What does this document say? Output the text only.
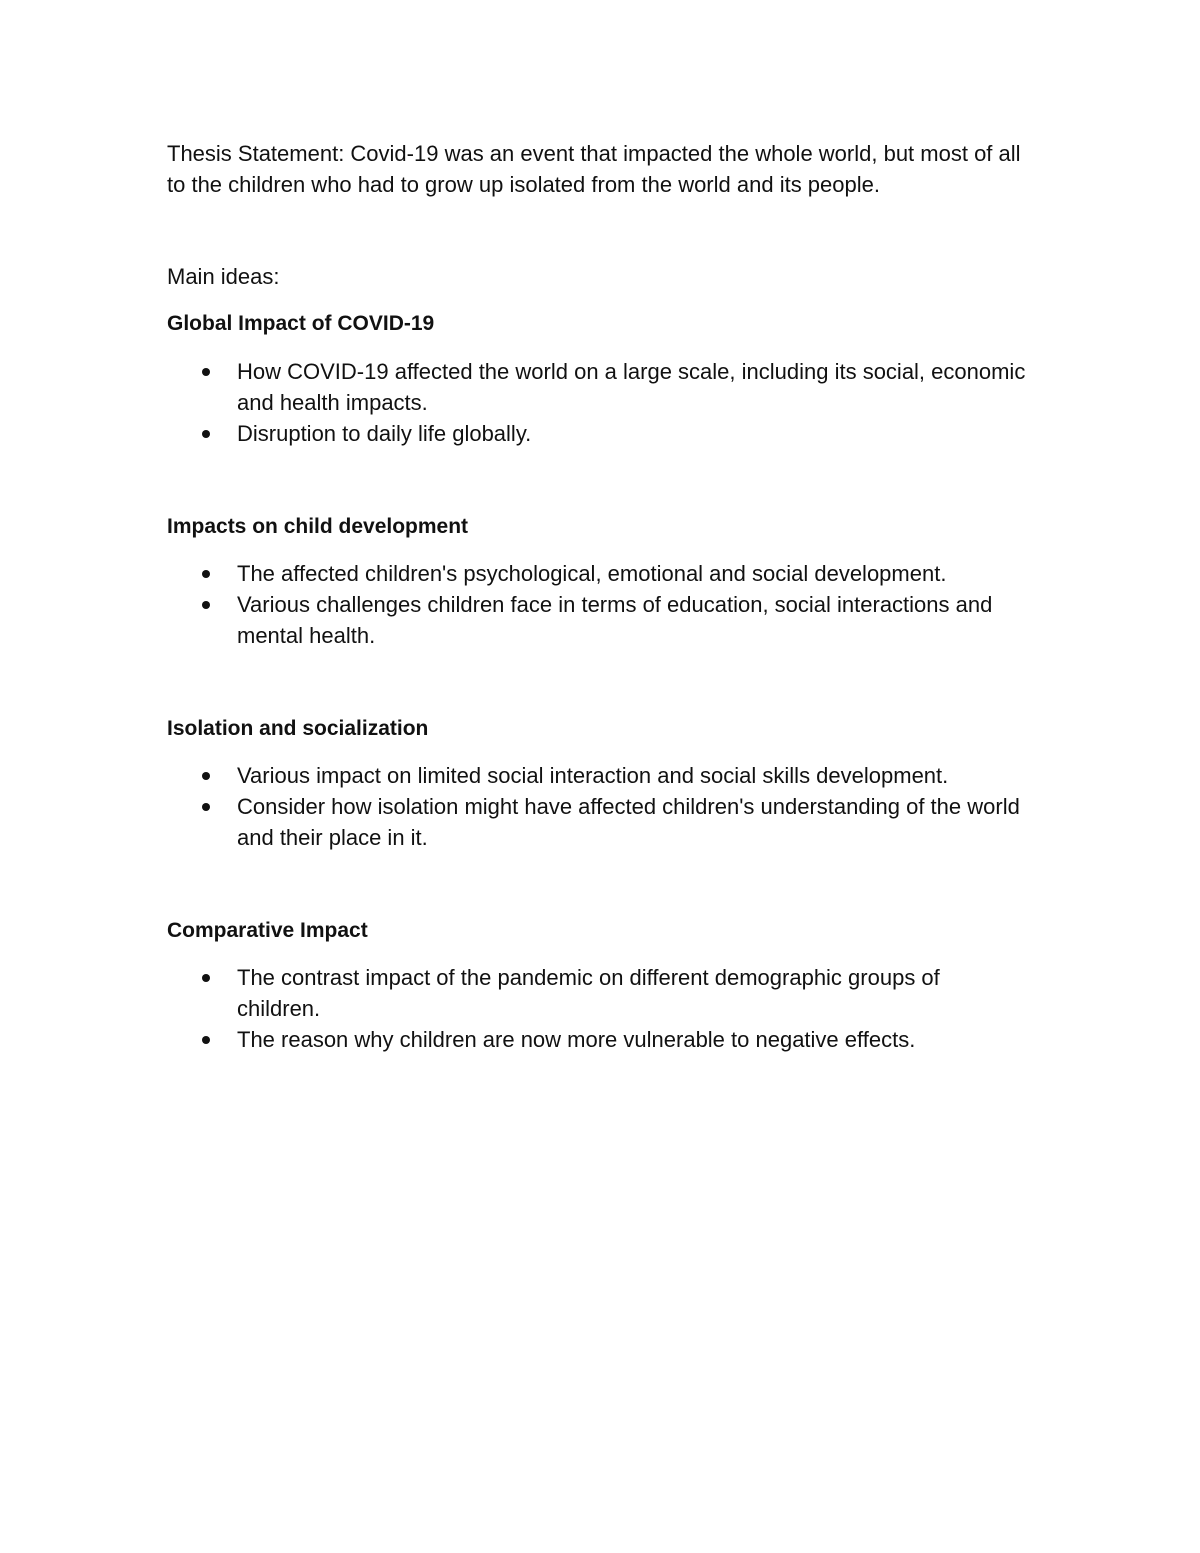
Thesis Statement: Covid-19 was an event that impacted the whole world, but most of all to the children who had to grow up isolated from the world and its people.

Main ideas:

Global Impact of COVID-19

How COVID-19 affected the world on a large scale, including its social, economic and health impacts.
Disruption to daily life globally.

Impacts on child development

The affected children's psychological, emotional and social development.
Various challenges children face in terms of education, social interactions and mental health.

Isolation and socialization

Various impact on limited social interaction and social skills development.
Consider how isolation might have affected children's understanding of the world and their place in it.

Comparative Impact

The contrast impact of the pandemic on different demographic groups of children.
The reason why children are now more vulnerable to negative effects.
